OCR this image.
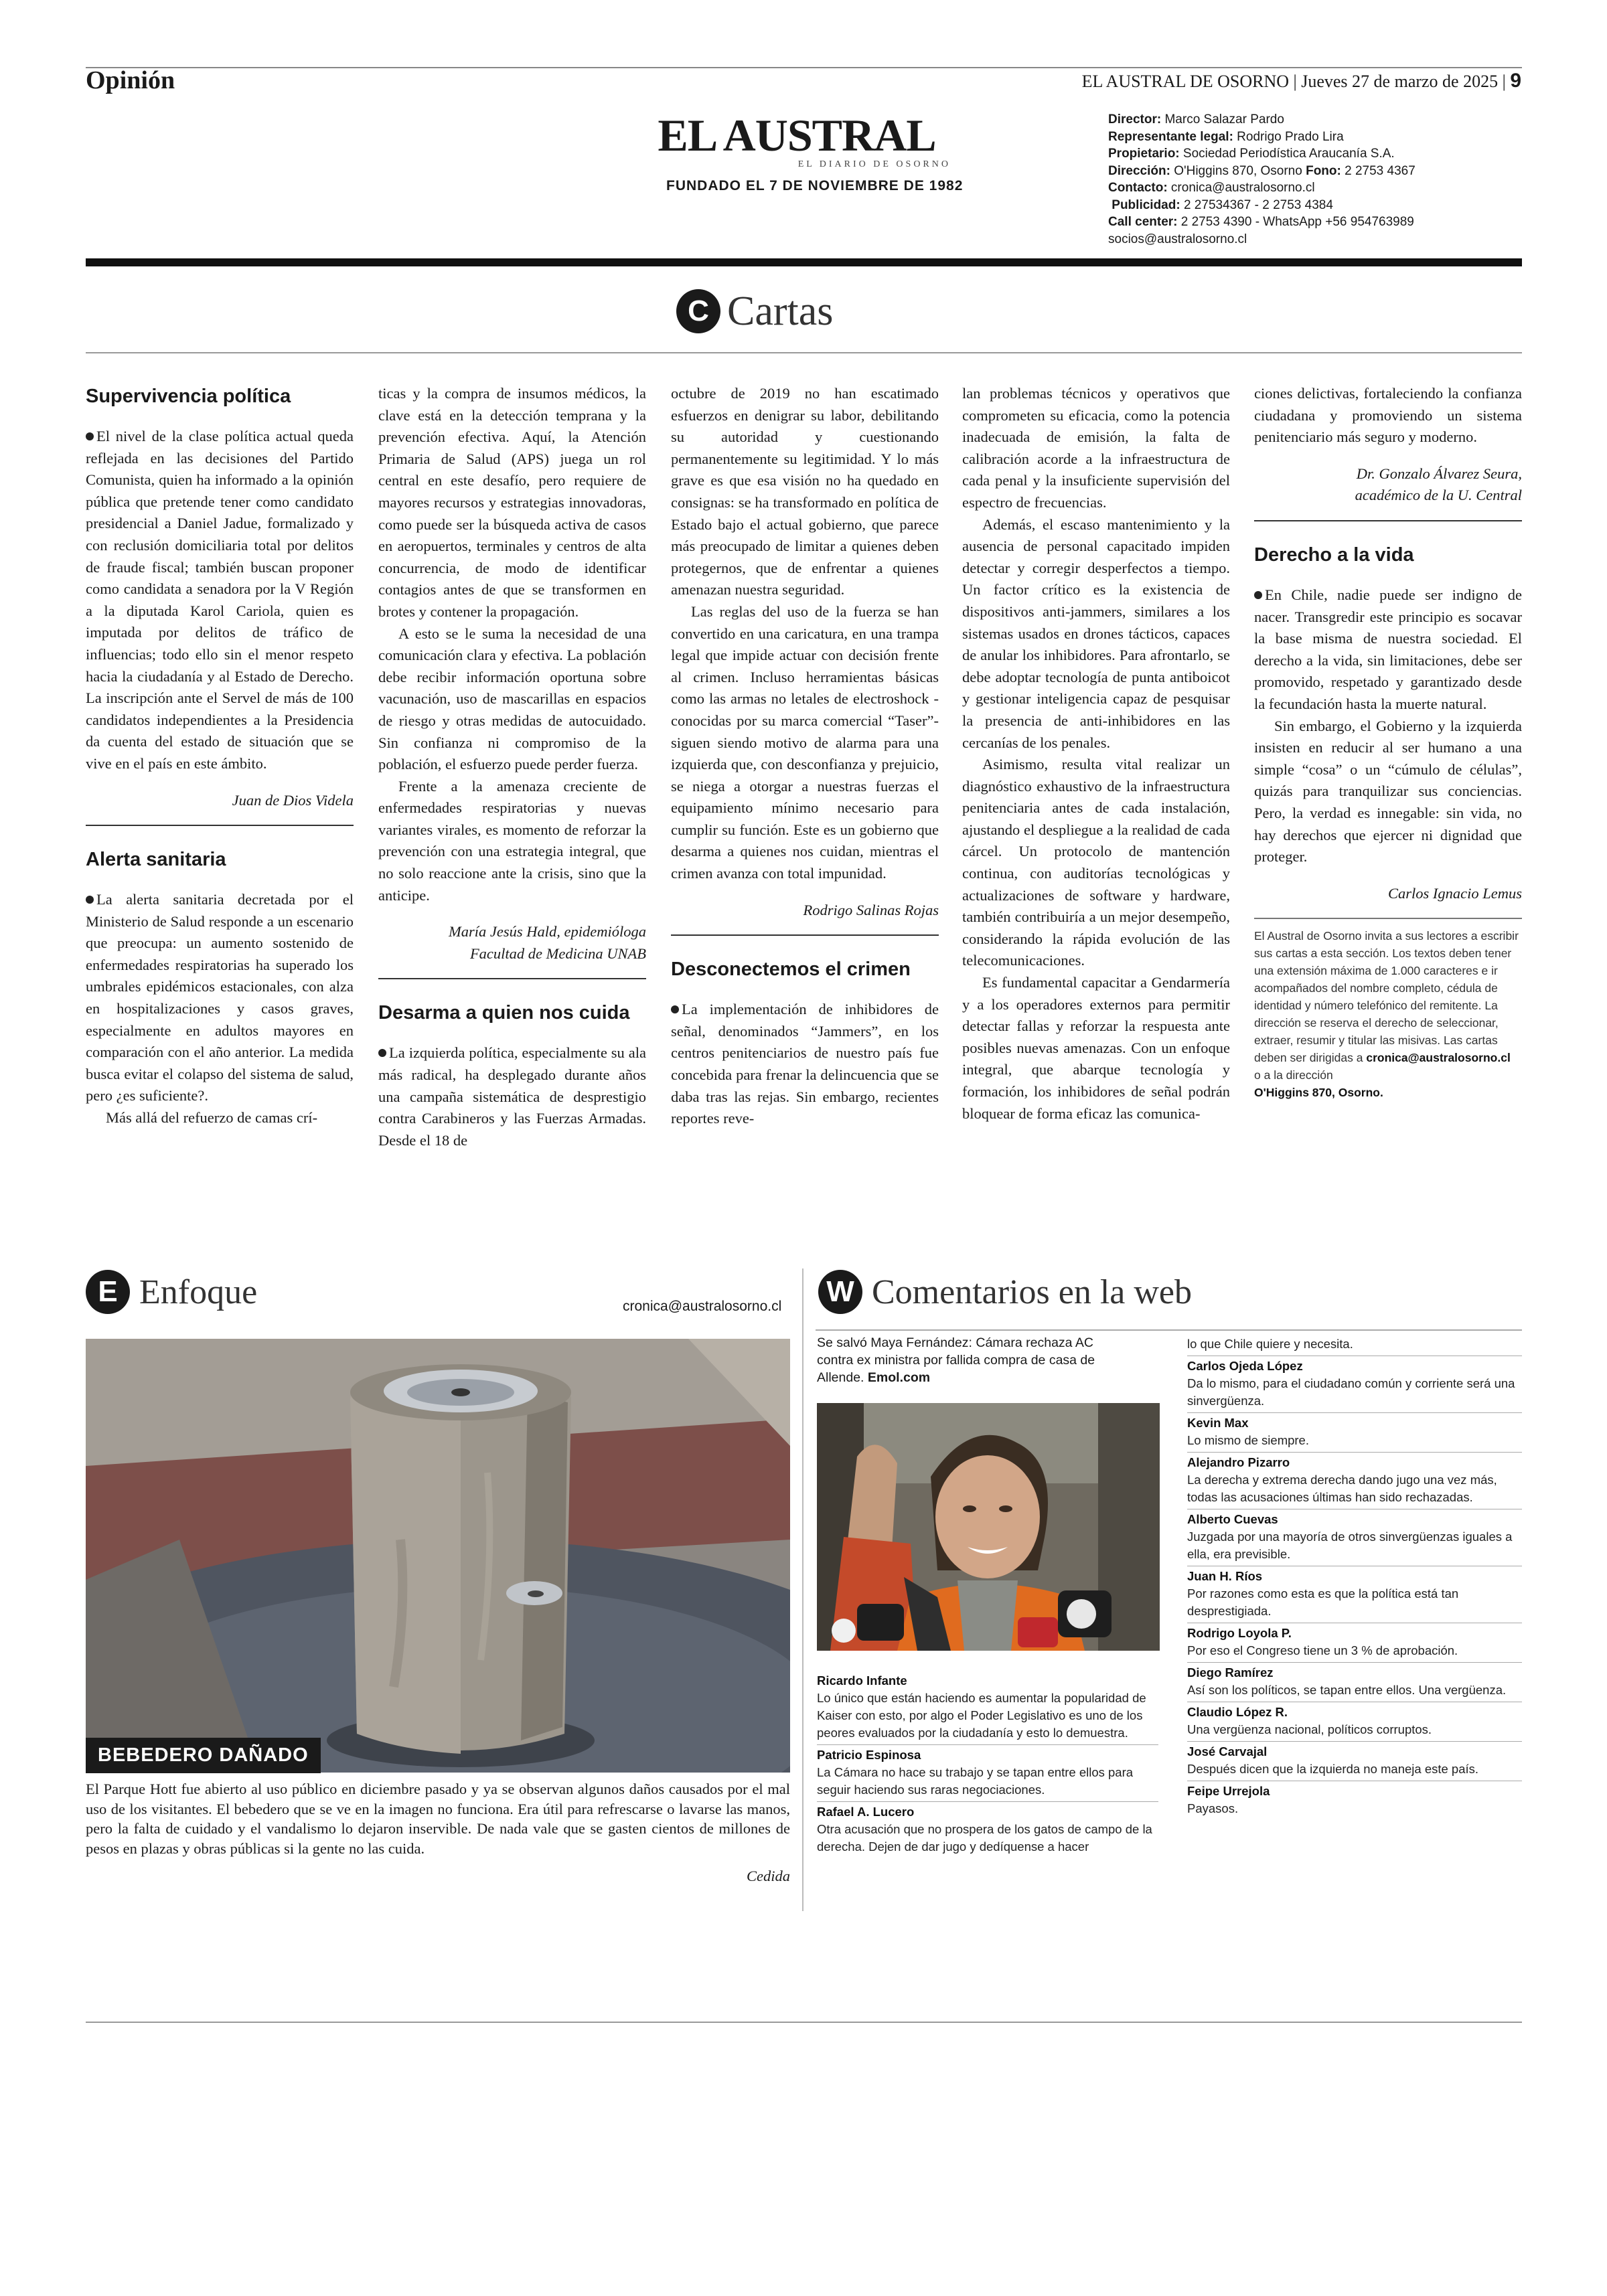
Opinión	EL AUSTRAL DE OSORNO | Jueves 27 de marzo de 2025 | 9
EL AUSTRAL
EL DIARIO DE OSORNO
FUNDADO EL 7 DE NOVIEMBRE DE 1982
Director: Marco Salazar Pardo
Representante legal: Rodrigo Prado Lira
Propietario: Sociedad Periodística Araucanía S.A.
Dirección: O'Higgins 870, Osorno Fono: 2 2753 4367
Contacto: cronica@australosorno.cl
Publicidad: 2 27534367 - 2 2753 4384
Call center: 2 2753 4390 - WhatsApp +56 954763989
socios@australosorno.cl
C Cartas
Supervivencia política

El nivel de la clase política actual queda reflejada en las decisiones del Partido Comunista, quien ha informado a la opinión pública que pretende tener como candidato presidencial a Daniel Jadue, formalizado y con reclusión domiciliaria total por delitos de fraude fiscal; también buscan proponer como candidata a senadora por la V Región a la diputada Karol Cariola, quien es imputada por delitos de tráfico de influencias; todo ello sin el menor respeto hacia la ciudadanía y al Estado de Derecho. La inscripción ante el Servel de más de 100 candidatos independientes a la Presidencia da cuenta del estado de situación que se vive en el país en este ámbito.

Juan de Dios Videla
Alerta sanitaria

La alerta sanitaria decretada por el Ministerio de Salud responde a un escenario que preocupa: un aumento sostenido de enfermedades respiratorias ha superado los umbrales epidémicos estacionales, con alza en hospitalizaciones y casos graves, especialmente en adultos mayores en comparación con el año anterior. La medida busca evitar el colapso del sistema de salud, pero ¿es suficiente?.

Más allá del refuerzo de camas crí-

ticas y la compra de insumos médicos, la clave está en la detección temprana y la prevención efectiva. Aquí, la Atención Primaria de Salud (APS) juega un rol central en este desafío, pero requiere de mayores recursos y estrategias innovadoras, como puede ser la búsqueda activa de casos en aeropuertos, terminales y centros de alta concurrencia, de modo de identificar contagios antes de que se transformen en brotes y contener la propagación.

A esto se le suma la necesidad de una comunicación clara y efectiva. La población debe recibir información oportuna sobre vacunación, uso de mascarillas en espacios de riesgo y otras medidas de autocuidado. Sin confianza ni compromiso de la población, el esfuerzo puede perder fuerza.

Frente a la amenaza creciente de enfermedades respiratorias y nuevas variantes virales, es momento de reforzar la prevención con una estrategia integral, que no solo reaccione ante la crisis, sino que la anticipe.

María Jesús Hald, epidemióloga
Facultad de Medicina UNAB
Desarma a quien nos cuida

La izquierda política, especialmente su ala más radical, ha desplegado durante años una campaña sistemática de desprestigio contra Carabineros y las Fuerzas Armadas. Desde el 18 de

octubre de 2019 no han escatimado esfuerzos en denigrar su labor, debilitando su autoridad y cuestionando permanentemente su legitimidad. Y lo más grave es que esa visión no ha quedado en consignas: se ha transformado en política de Estado bajo el actual gobierno, que parece más preocupado de limitar a quienes deben protegernos, que de enfrentar a quienes amenazan nuestra seguridad.

Las reglas del uso de la fuerza se han convertido en una caricatura, en una trampa legal que impide actuar con decisión frente al crimen. Incluso herramientas básicas como las armas no letales de electroshock -conocidas por su marca comercial “Taser”- siguen siendo motivo de alarma para una izquierda que, con desconfianza y prejuicio, se niega a otorgar a nuestras fuerzas el equipamiento mínimo necesario para cumplir su función. Este es un gobierno que desarma a quienes nos cuidan, mientras el crimen avanza con total impunidad.

Rodrigo Salinas Rojas
Desconectemos el crimen

La implementación de inhibidores de señal, denominados “Jammers”, en los centros penitenciarios de nuestro país fue concebida para frenar la delincuencia que se daba tras las rejas. Sin embargo, recientes reportes reve-

lan problemas técnicos y operativos que comprometen su eficacia, como la potencia inadecuada de emisión, la falta de calibración acorde a la infraestructura de cada penal y la insuficiente supervisión del espectro de frecuencias.

Además, el escaso mantenimiento y la ausencia de personal capacitado impiden detectar y corregir desperfectos a tiempo. Un factor crítico es la existencia de dispositivos anti-jammers, similares a los sistemas usados en drones tácticos, capaces de anular los inhibidores. Para afrontarlo, se debe adoptar tecnología de punta antiboicot y gestionar inteligencia capaz de pesquisar la presencia de anti-inhibidores en las cercanías de los penales.

Asimismo, resulta vital realizar un diagnóstico exhaustivo de la infraestructura penitenciaria antes de cada instalación, ajustando el despliegue a la realidad de cada cárcel. Un protocolo de mantención continua, con auditorías tecnológicas y actualizaciones de software y hardware, también contribuiría a un mejor desempeño, considerando la rápida evolución de las telecomunicaciones.

Es fundamental capacitar a Gendarmería y a los operadores externos para permitir detectar fallas y reforzar la respuesta ante posibles nuevas amenazas. Con un enfoque integral, que abarque tecnología y formación, los inhibidores de señal podrán bloquear de forma eficaz las comunica-

ciones delictivas, fortaleciendo la confianza ciudadana y promoviendo un sistema penitenciario más seguro y moderno.

Dr. Gonzalo Álvarez Seura,
académico de la U. Central
Derecho a la vida

En Chile, nadie puede ser indigno de nacer. Transgredir este principio es socavar la base misma de nuestra sociedad. El derecho a la vida, sin limitaciones, debe ser promovido, respetado y garantizado desde la fecundación hasta la muerte natural.

Sin embargo, el Gobierno y la izquierda insisten en reducir al ser humano a una simple “cosa” o un “cúmulo de células”, quizás para tranquilizar sus conciencias. Pero, la verdad es innegable: sin vida, no hay derechos que ejercer ni dignidad que proteger.

Carlos Ignacio Lemus
El Austral de Osorno invita a sus lectores a escribir sus cartas a esta sección. Los textos deben tener una extensión máxima de 1.000 caracteres e ir acompañados del nombre completo, cédula de identidad y número telefónico del remitente. La dirección se reserva el derecho de seleccionar, extraer, resumir y titular las misivas. Las cartas deben ser dirigidas a cronica@australosorno.cl
o a la dirección
O'Higgins 870, Osorno.
E Enfoque	cronica@australosorno.cl
BEBEDERO DAÑADO
El Parque Hott fue abierto al uso público en diciembre pasado y ya se observan algunos daños causados por el mal uso de los visitantes. El bebedero que se ve en la imagen no funciona. Era útil para refrescarse o lavarse las manos, pero la falta de cuidado y el vandalismo lo dejaron inservible. De nada vale que se gasten cientos de millones de pesos en plazas y obras públicas si la gente no las cuida.
Cedida
W Comentarios en la web
Se salvó Maya Fernández: Cámara rechaza AC contra ex ministra por fallida compra de casa de Allende. Emol.com
Ricardo Infante
Lo único que están haciendo es aumentar la popularidad de Kaiser con esto, por algo el Poder Legislativo es uno de los peores evaluados por la ciudadanía y esto lo demuestra.
Patricio Espinosa
La Cámara no hace su trabajo y se tapan entre ellos para seguir haciendo sus raras negociaciones.
Rafael A. Lucero
Otra acusación que no prospera de los gatos de campo de la derecha. Dejen de dar jugo y dedíquense a hacer
lo que Chile quiere y necesita.
Carlos Ojeda López
Da lo mismo, para el ciudadano común y corriente será una sinvergüenza.
Kevin Max
Lo mismo de siempre.
Alejandro Pizarro
La derecha y extrema derecha dando jugo una vez más, todas las acusaciones últimas han sido rechazadas.
Alberto Cuevas
Juzgada por una mayoría de otros sinvergüenzas iguales a ella, era previsible.
Juan H. Ríos
Por razones como esta es que la política está tan desprestigiada.
Rodrigo Loyola P.
Por eso el Congreso tiene un 3 % de aprobación.
Diego Ramírez
Así son los políticos, se tapan entre ellos. Una vergüenza.
Claudio López R.
Una vergüenza nacional, políticos corruptos.
José Carvajal
Después dicen que la izquierda no maneja este país.
Feipe Urrejola
Payasos.
